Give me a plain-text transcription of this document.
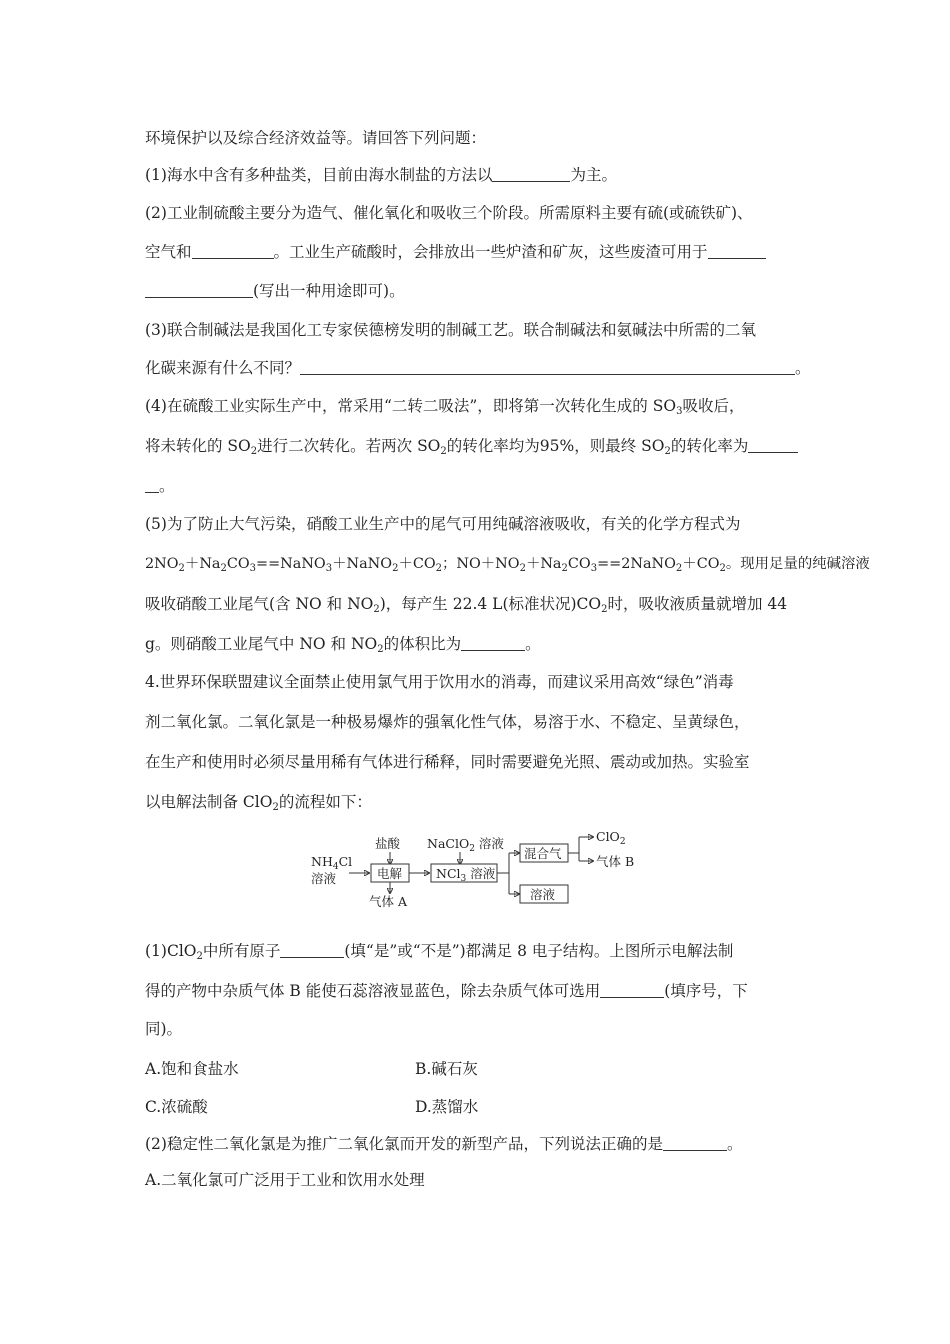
环境保护以及综合经济效益等。请回答下列问题：
(1)海水中含有多种盐类，目前由海水制盐的方法以	为主。
(2)工业制硫酸主要分为造气、催化氧化和吸收三个阶段。所需原料主要有硫(或硫铁矿)、
空气和	。工业生产硫酸时，会排放出一些炉渣和矿灰，这些废渣可用于
(写出一种用途即可)。
(3)联合制碱法是我国化工专家侯德榜发明的制碱工艺。联合制碱法和氨碱法中所需的二氧
化碳来源有什么不同？	。
(4)在硫酸工业实际生产中，常采用“二转二吸法”，即将第一次转化生成的 $SO_3$吸收后，
将未转化的 $SO_2$进行二次转化。若两次 $SO_2$的转化率均为95%，则最终 $SO_2$的转化率为
。
(5)为了防止大气污染，硝酸工业生产中的尾气可用纯碱溶液吸收，有关的化学方程式为
$2NO_2+Na_2CO_3==NaNO_3+NaNO_2+CO_2$；$NO+NO_2+Na_2CO_3==2NaNO_2+CO_2$。现用足量的纯碱溶液
吸收硝酸工业尾气(含 NO 和 $NO_2$)，每产生 22.4 L(标准状况)$CO_2$时，吸收液质量就增加 44
g。则硝酸工业尾气中 NO 和 $NO_2$的体积比为	。
4.世界环保联盟建议全面禁止使用氯气用于饮用水的消毒，而建议采用高效“绿色”消毒
剂二氧化氯。二氧化氯是一种极易爆炸的强氧化性气体，易溶于水、不稳定、呈黄绿色，
在生产和使用时必须尽量用稀有气体进行稀释，同时需要避免光照、震动或加热。实验室
以电解法制备 ClO$_2$的流程如下：
$NH_4Cl$
溶液
盐酸
电解
气体 A
NaClO$_2$ 溶液
NCl$_3$ 溶液
混合气
溶液
ClO$_2$
气体 B
(1)ClO$_2$中所有原子	(填“是”或“不是”)都满足 8 电子结构。上图所示电解法制
得的产物中杂质气体 B 能使石蕊溶液显蓝色，除去杂质气体可选用	(填序号，下
同)。
A.饱和食盐水	B.碱石灰
C.浓硫酸	D.蒸馏水
(2)稳定性二氧化氯是为推广二氧化氯而开发的新型产品，下列说法正确的是	。
A.二氧化氯可广泛用于工业和饮用水处理
